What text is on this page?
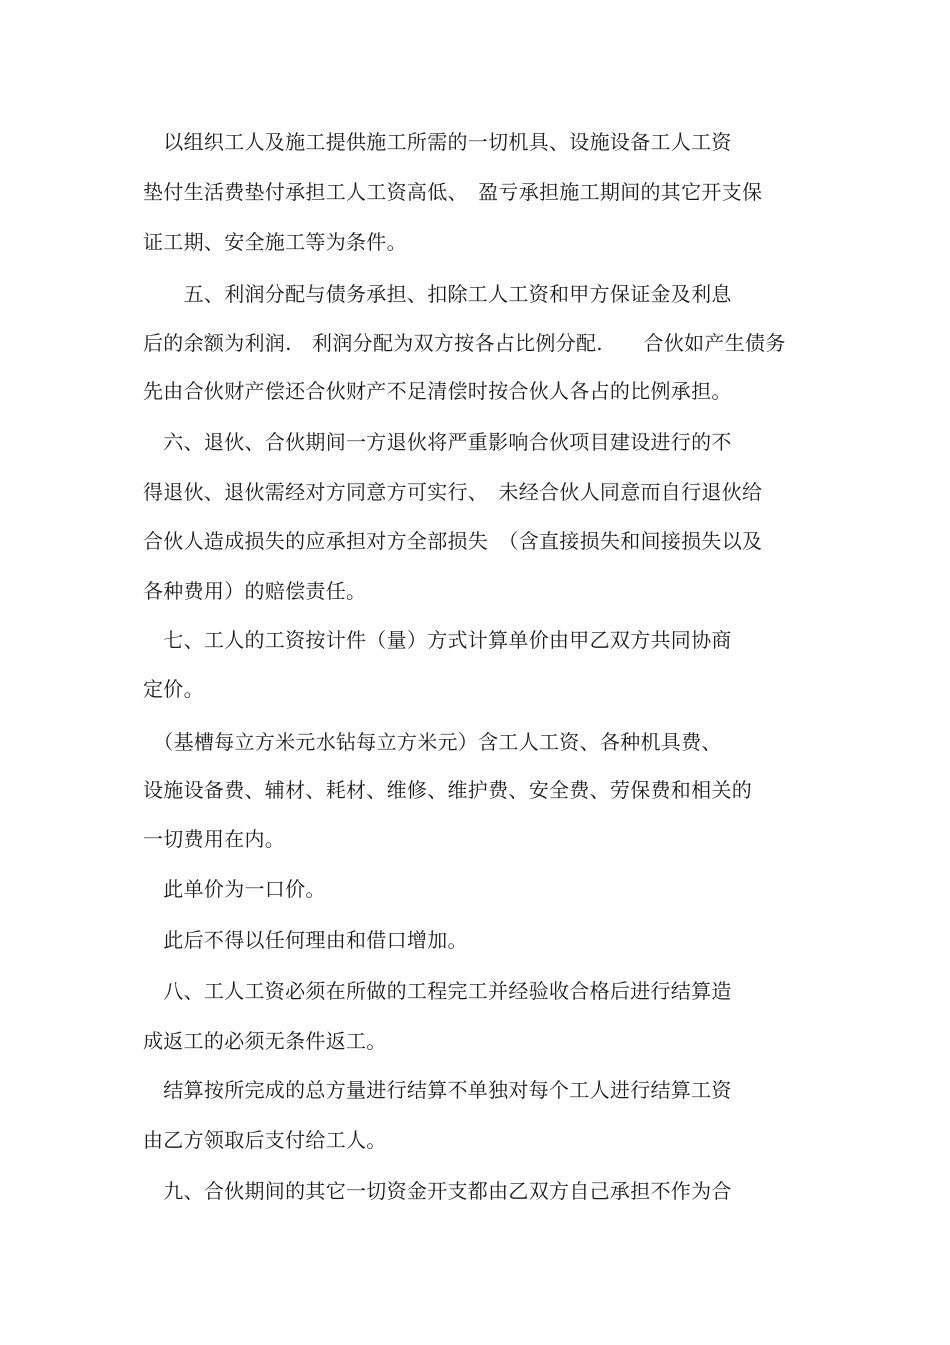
　以组织工人及施工提供施工所需的一切机具、设施设备工人工资
垫付生活费垫付承担工人工资高低、　盈亏承担施工期间的其它开支保
证工期、安全施工等为条件。
　　五、利润分配与债务承担、扣除工人工资和甲方保证金及利息
后的余额为利润.　利润分配为双方按各占比例分配.　　合伙如产生债务
先由合伙财产偿还合伙财产不足清偿时按合伙人各占的比例承担。
　六、退伙、合伙期间一方退伙将严重影响合伙项目建设进行的不
得退伙、退伙需经对方同意方可实行、　未经合伙人同意而自行退伙给
合伙人造成损失的应承担对方全部损失　（含直接损失和间接损失以及
各种费用）的赔偿责任。
　七、工人的工资按计件（量）方式计算单价由甲乙双方共同协商
定价。
　（基槽每立方米元水钻每立方米元）含工人工资、各种机具费、
设施设备费、辅材、耗材、维修、维护费、安全费、劳保费和相关的
一切费用在内。
　此单价为一口价。
　此后不得以任何理由和借口增加。
　八、工人工资必须在所做的工程完工并经验收合格后进行结算造
成返工的必须无条件返工。
　结算按所完成的总方量进行结算不单独对每个工人进行结算工资
由乙方领取后支付给工人。
　九、合伙期间的其它一切资金开支都由乙双方自己承担不作为合
